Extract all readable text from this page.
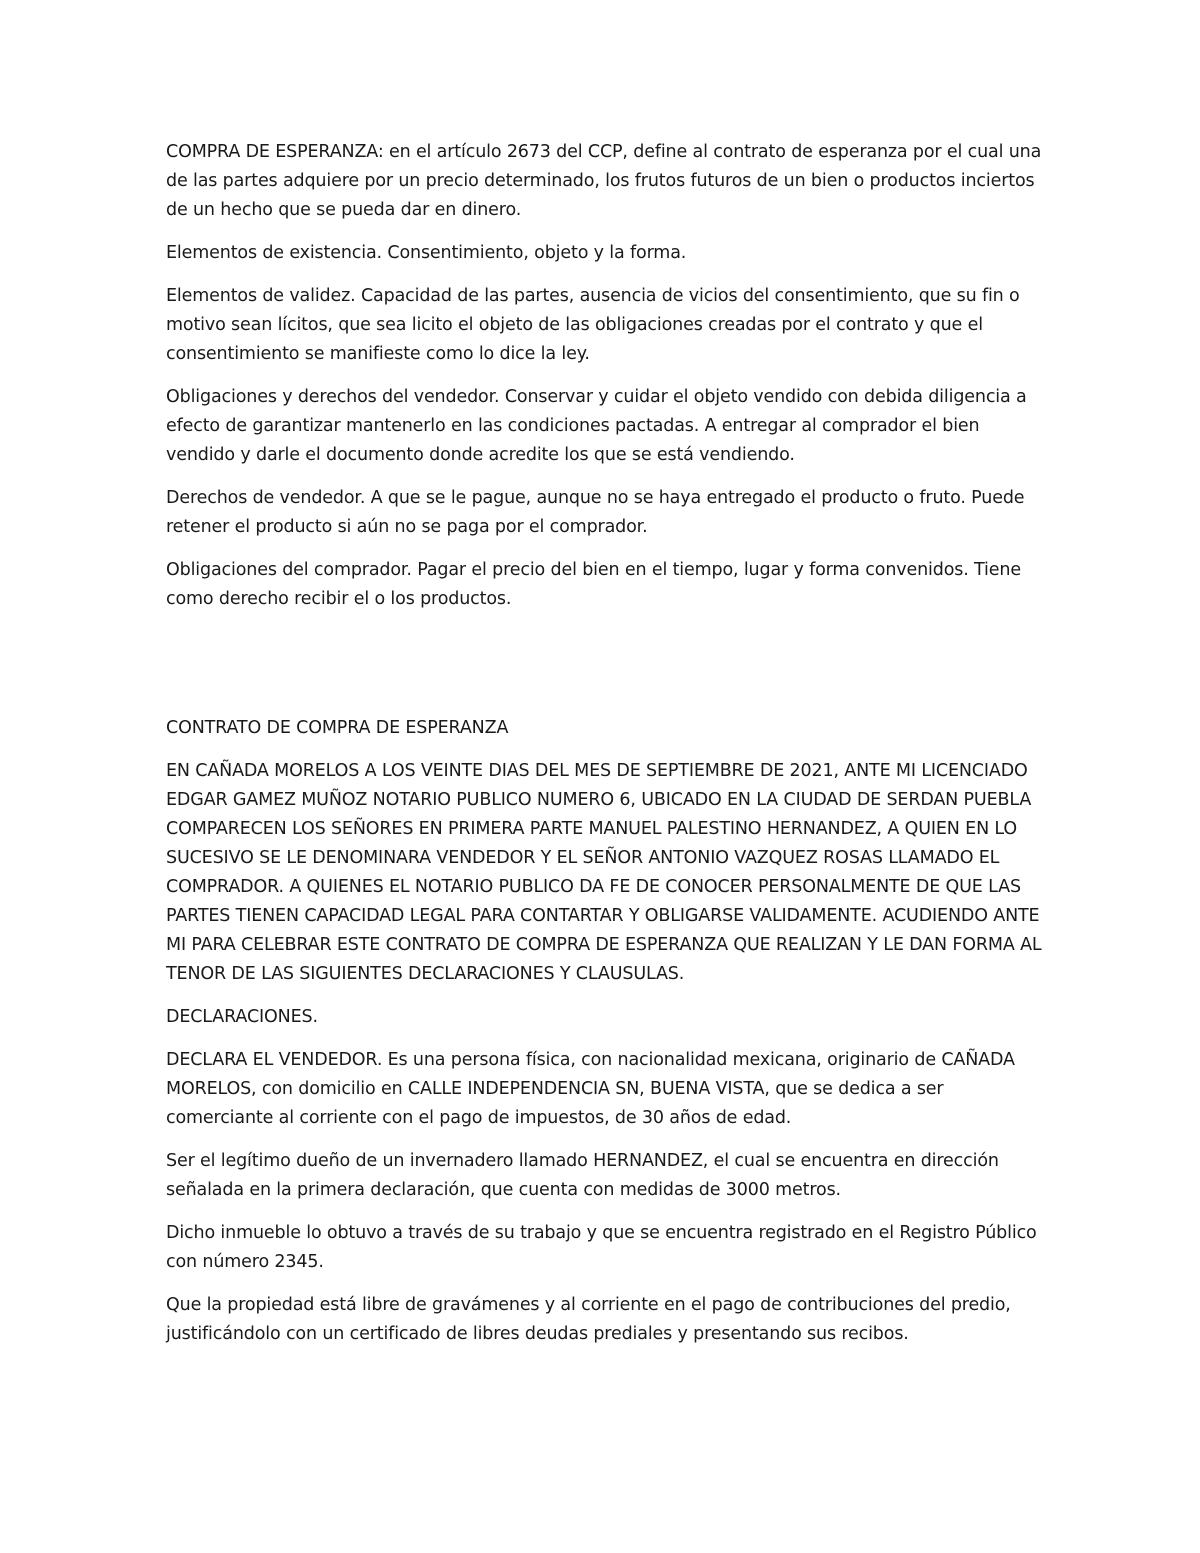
COMPRA DE ESPERANZA: en el artículo 2673 del CCP, define al contrato de esperanza por el cual una de las partes adquiere por un precio determinado, los frutos futuros de un bien o productos inciertos de un hecho que se pueda dar en dinero.

Elementos de existencia. Consentimiento, objeto y la forma.

Elementos de validez. Capacidad de las partes, ausencia de vicios del consentimiento, que su fin o motivo sean lícitos, que sea licito el objeto de las obligaciones creadas por el contrato y que el consentimiento se manifieste como lo dice la ley.

Obligaciones y derechos del vendedor. Conservar y cuidar el objeto vendido con debida diligencia a efecto de garantizar mantenerlo en las condiciones pactadas. A entregar al comprador el bien vendido y darle el documento donde acredite los que se está vendiendo.

Derechos de vendedor. A que se le pague, aunque no se haya entregado el producto o fruto. Puede retener el producto si aún no se paga por el comprador.

Obligaciones del comprador. Pagar el precio del bien en el tiempo, lugar y forma convenidos. Tiene como derecho recibir el o los productos.

CONTRATO DE COMPRA DE ESPERANZA

EN CAÑADA MORELOS A LOS VEINTE DIAS DEL MES DE SEPTIEMBRE DE 2021, ANTE MI LICENCIADO EDGAR GAMEZ MUÑOZ NOTARIO PUBLICO NUMERO 6, UBICADO EN LA CIUDAD DE SERDAN PUEBLA COMPARECEN LOS SEÑORES EN PRIMERA PARTE MANUEL PALESTINO HERNANDEZ, A QUIEN EN LO SUCESIVO SE LE DENOMINARA VENDEDOR Y EL SEÑOR ANTONIO VAZQUEZ ROSAS LLAMADO EL COMPRADOR. A QUIENES EL NOTARIO PUBLICO DA FE DE CONOCER PERSONALMENTE DE QUE LAS PARTES TIENEN CAPACIDAD LEGAL PARA CONTARTAR Y OBLIGARSE VALIDAMENTE. ACUDIENDO ANTE MI PARA CELEBRAR ESTE CONTRATO DE COMPRA DE ESPERANZA QUE REALIZAN Y LE DAN FORMA AL TENOR DE LAS SIGUIENTES DECLARACIONES Y CLAUSULAS.

DECLARACIONES.

DECLARA EL VENDEDOR. Es una persona física, con nacionalidad mexicana, originario de CAÑADA MORELOS, con domicilio en CALLE INDEPENDENCIA SN, BUENA VISTA, que se dedica a ser comerciante al corriente con el pago de impuestos, de 30 años de edad.

Ser el legítimo dueño de un invernadero llamado HERNANDEZ, el cual se encuentra en dirección señalada en la primera declaración, que cuenta con medidas de 3000 metros.

Dicho inmueble lo obtuvo a través de su trabajo y que se encuentra registrado en el Registro Público con número 2345.

Que la propiedad está libre de gravámenes y al corriente en el pago de contribuciones del predio, justificándolo con un certificado de libres deudas prediales y presentando sus recibos.
